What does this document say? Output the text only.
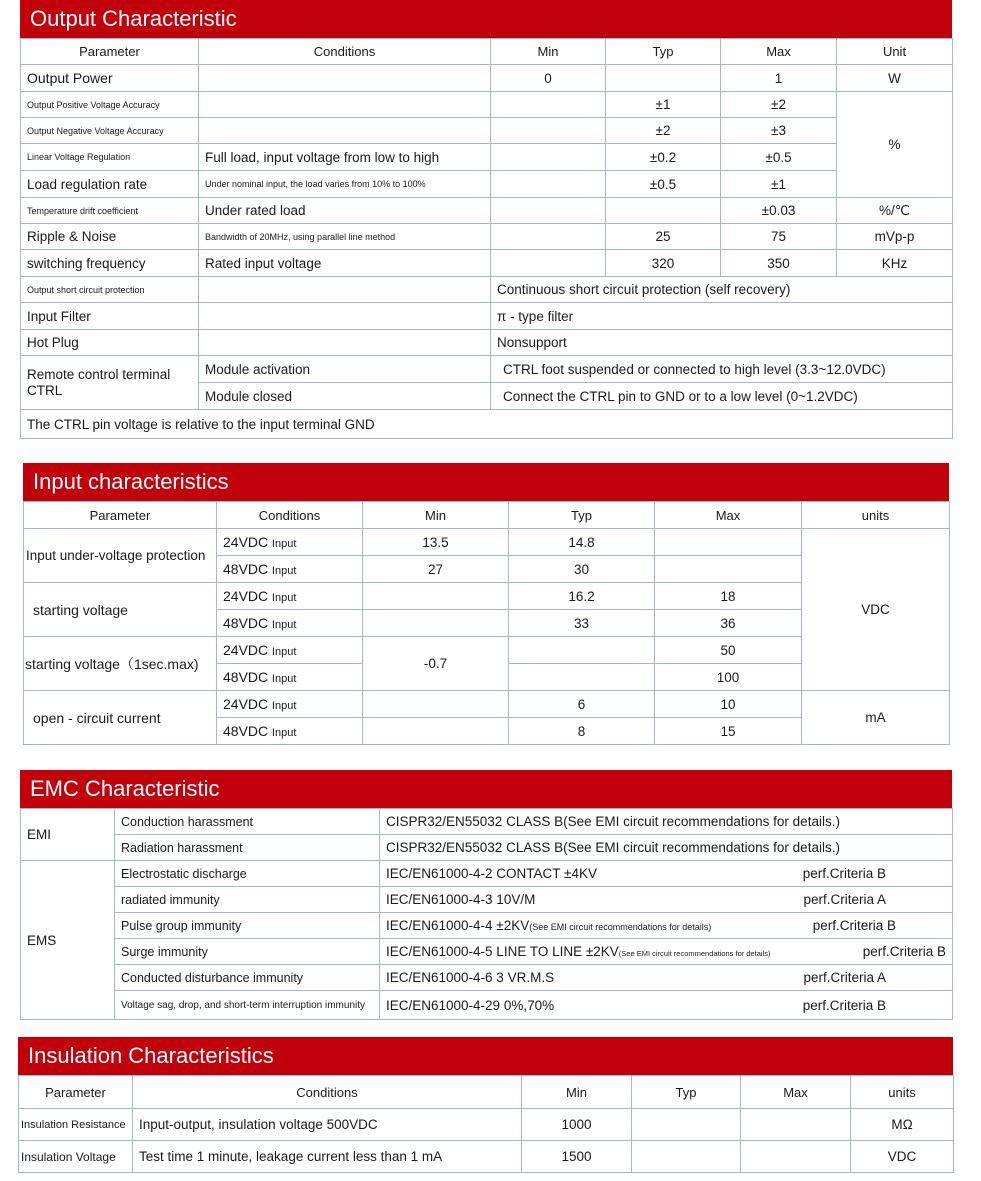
Output Characteristic
Parameter	Conditions	Min	Typ	Max	Unit
Output Power		0		1	W
Output Positive Voltage Accuracy			±1	±2	%
Output Negative Voltage Accuracy			±2	±3	
Linear Voltage Regulation	Full load, input voltage from low to high		±0.2	±0.5	
Load regulation rate	Under nominal input, the load varies from 10% to 100%		±0.5	±1	
Temperature drift coefficient	Under rated load			±0.03	%/℃
Ripple & Noise	Bandwidth of 20MHz, using parallel line method		25	75	mVp-p
switching frequency	Rated input voltage		320	350	KHz
Output short circuit protection		Continuous short circuit protection (self recovery)			
Input Filter		π - type filter			
Hot Plug		Nonsupport			
Remote control terminal CTRL	Module activation	CTRL foot suspended or connected to high level (3.3~12.0VDC)			
	Module closed	Connect the CTRL pin to GND or to a low level (0~1.2VDC)			
The CTRL pin voltage is relative to the input terminal GND					
Input characteristics
Parameter	Conditions	Min	Typ	Max	units
Input under-voltage protection	24VDC Input	13.5	14.8		VDC
	48VDC Input	27	30		
starting voltage	24VDC Input		16.2	18	
	48VDC Input		33	36	
starting voltage（1sec.max)	24VDC Input	-0.7		50	
	48VDC Input			100	
open - circuit current	24VDC Input		6	10	mA
	48VDC Input		8	15	
EMC Characteristic
EMI	Conduction harassment	CISPR32/EN55032 CLASS B(See EMI circuit recommendations for details.)
	Radiation harassment	CISPR32/EN55032 CLASS B(See EMI circuit recommendations for details.)
EMS	Electrostatic discharge	IEC/EN61000-4-2 CONTACT ±4KV perf.Criteria B

	radiated immunity	IEC/EN61000-4-3 10V/M perf.Criteria A

	Pulse group immunity	IEC/EN61000-4-4 ±2KV(See EMI circuit recommendations for details) perf.Criteria B

	Surge immunity	IEC/EN61000-4-5 LINE TO LINE ±2KV(See EMI circuit recommendations for details) perf.Criteria B

	Conducted disturbance immunity	IEC/EN61000-4-6 3 VR.M.S perf.Criteria A

	Voltage sag, drop, and short-term interruption immunity	IEC/EN61000-4-29 0%,70% perf.Criteria B
Insulation Characteristics
Parameter	Conditions	Min	Typ	Max	units
Insulation Resistance	Input-output, insulation voltage 500VDC	1000			MΩ
Insulation Voltage	Test time 1 minute, leakage current less than 1 mA	1500			VDC
